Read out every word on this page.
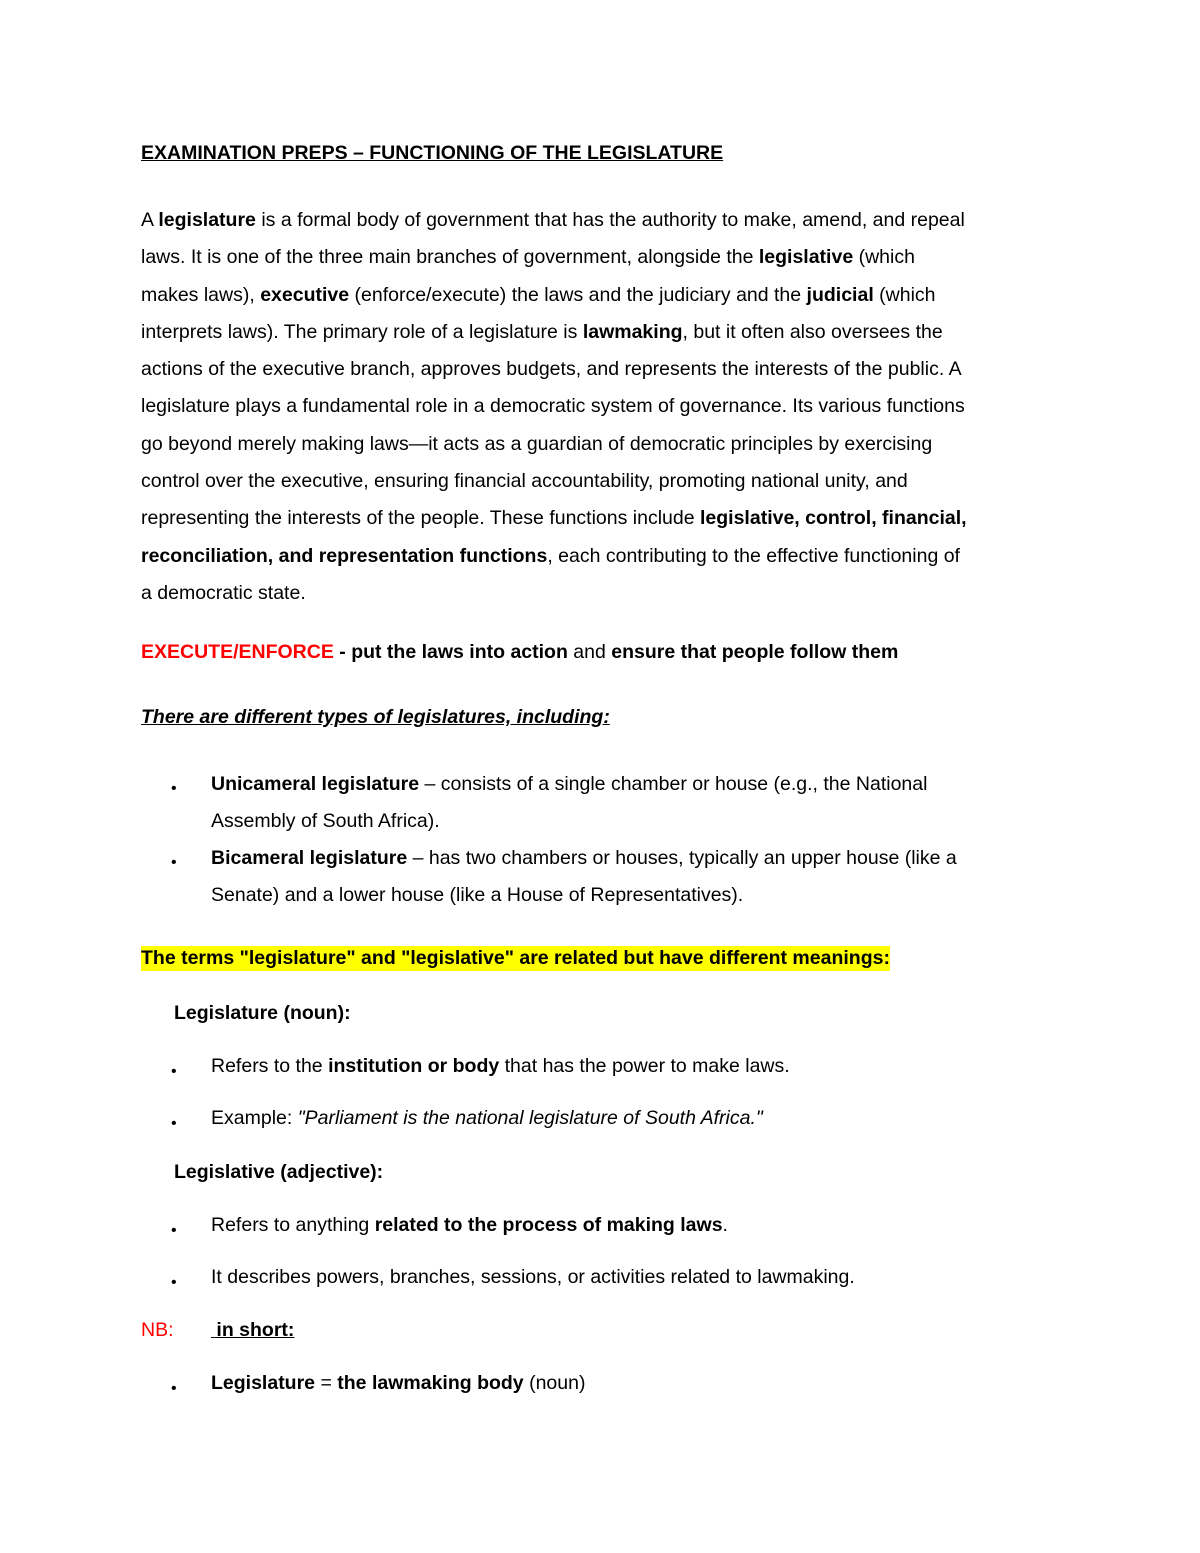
EXAMINATION PREPS – FUNCTIONING OF THE LEGISLATURE
A legislature is a formal body of government that has the authority to make, amend, and repeal
laws. It is one of the three main branches of government, alongside the legislative (which
makes laws), executive (enforce/execute) the laws and the judiciary and the judicial (which
interprets laws). The primary role of a legislature is lawmaking, but it often also oversees the
actions of the executive branch, approves budgets, and represents the interests of the public. A
legislature plays a fundamental role in a democratic system of governance. Its various functions
go beyond merely making laws—it acts as a guardian of democratic principles by exercising
control over the executive, ensuring financial accountability, promoting national unity, and
representing the interests of the people. These functions include legislative, control, financial,
reconciliation, and representation functions, each contributing to the effective functioning of
a democratic state.
EXECUTE/ENFORCE - put the laws into action and ensure that people follow them
There are different types of legislatures, including:
• Unicameral legislature – consists of a single chamber or house (e.g., the National
Assembly of South Africa).
• Bicameral legislature – has two chambers or houses, typically an upper house (like a
Senate) and a lower house (like a House of Representatives).
The terms "legislature" and "legislative" are related but have different meanings:
Legislature (noun):
• Refers to the institution or body that has the power to make laws.
• Example: "Parliament is the national legislature of South Africa."
Legislative (adjective):
• Refers to anything related to the process of making laws.
• It describes powers, branches, sessions, or activities related to lawmaking.
NB: in short:
• Legislature = the lawmaking body (noun)
